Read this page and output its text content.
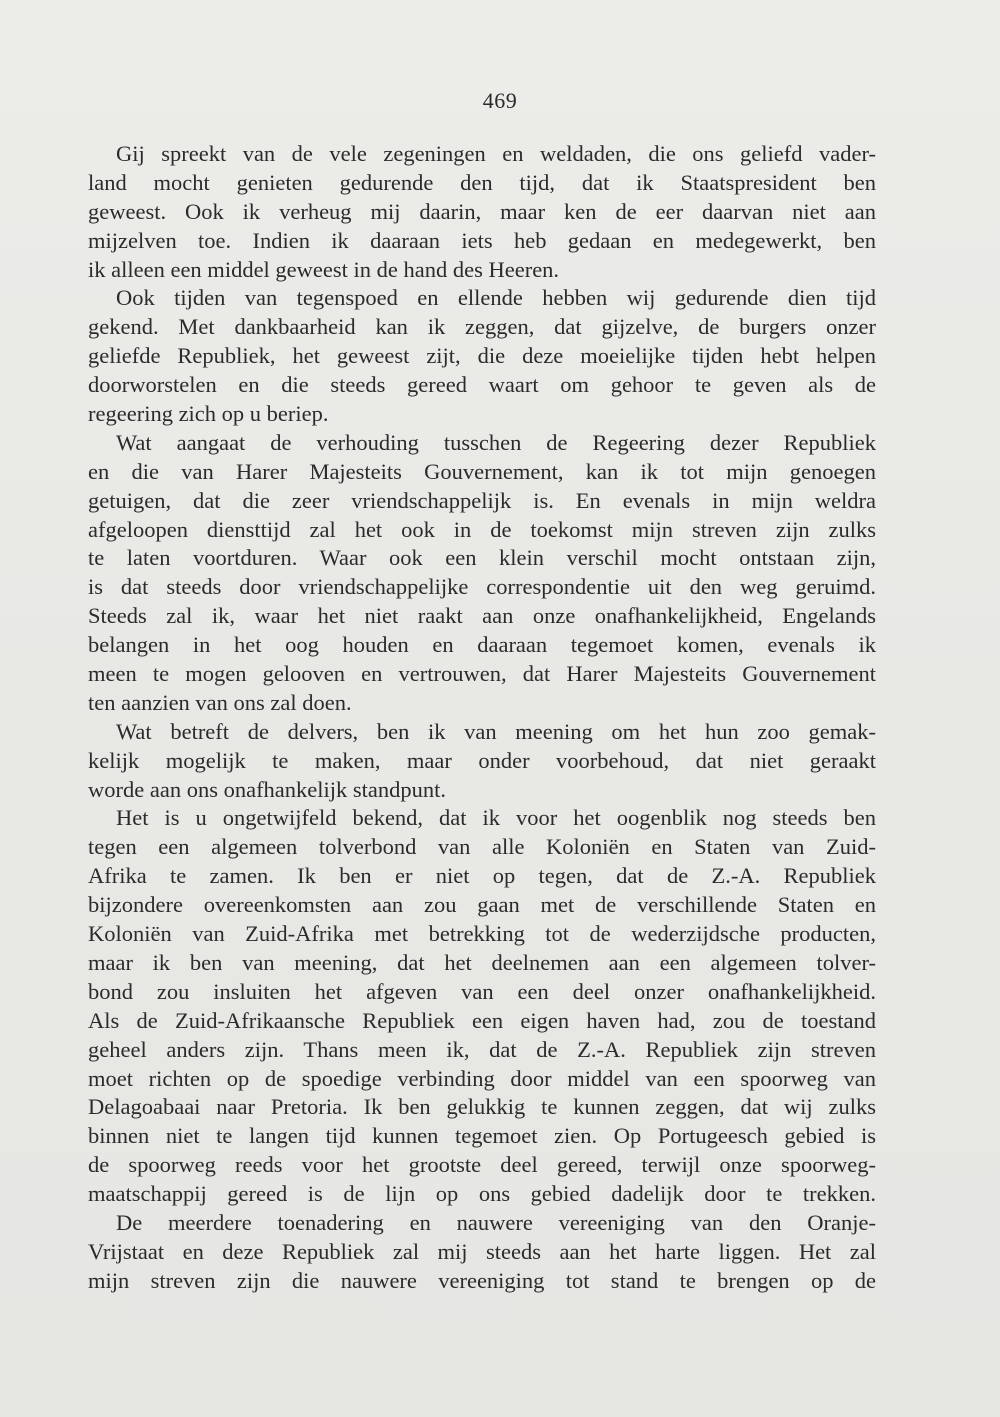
469
Gij spreekt van de vele zegeningen en weldaden, die ons geliefd vader-
land mocht genieten gedurende den tijd, dat ik Staatspresident ben
geweest. Ook ik verheug mij daarin, maar ken de eer daarvan niet aan
mijzelven toe. Indien ik daaraan iets heb gedaan en medegewerkt, ben
ik alleen een middel geweest in de hand des Heeren.
Ook tijden van tegenspoed en ellende hebben wij gedurende dien tijd
gekend. Met dankbaarheid kan ik zeggen, dat gijzelve, de burgers onzer
geliefde Republiek, het geweest zijt, die deze moeielijke tijden hebt helpen
doorworstelen en die steeds gereed waart om gehoor te geven als de
regeering zich op u beriep.
Wat aangaat de verhouding tusschen de Regeering dezer Republiek
en die van Harer Majesteits Gouvernement, kan ik tot mijn genoegen
getuigen, dat die zeer vriendschappelijk is. En evenals in mijn weldra
afgeloopen diensttijd zal het ook in de toekomst mijn streven zijn zulks
te laten voortduren. Waar ook een klein verschil mocht ontstaan zijn,
is dat steeds door vriendschappelijke correspondentie uit den weg geruimd.
Steeds zal ik, waar het niet raakt aan onze onafhankelijkheid, Engelands
belangen in het oog houden en daaraan tegemoet komen, evenals ik
meen te mogen gelooven en vertrouwen, dat Harer Majesteits Gouvernement
ten aanzien van ons zal doen.
Wat betreft de delvers, ben ik van meening om het hun zoo gemak-
kelijk mogelijk te maken, maar onder voorbehoud, dat niet geraakt
worde aan ons onafhankelijk standpunt.
Het is u ongetwijfeld bekend, dat ik voor het oogenblik nog steeds ben
tegen een algemeen tolverbond van alle Koloniën en Staten van Zuid-
Afrika te zamen. Ik ben er niet op tegen, dat de Z.-A. Republiek
bijzondere overeenkomsten aan zou gaan met de verschillende Staten en
Koloniën van Zuid-Afrika met betrekking tot de wederzijdsche producten,
maar ik ben van meening, dat het deelnemen aan een algemeen tolver-
bond zou insluiten het afgeven van een deel onzer onafhankelijkheid.
Als de Zuid-Afrikaansche Republiek een eigen haven had, zou de toestand
geheel anders zijn. Thans meen ik, dat de Z.-A. Republiek zijn streven
moet richten op de spoedige verbinding door middel van een spoorweg van
Delagoabaai naar Pretoria. Ik ben gelukkig te kunnen zeggen, dat wij zulks
binnen niet te langen tijd kunnen tegemoet zien. Op Portugeesch gebied is
de spoorweg reeds voor het grootste deel gereed, terwijl onze spoorweg-
maatschappij gereed is de lijn op ons gebied dadelijk door te trekken.
De meerdere toenadering en nauwere vereeniging van den Oranje-
Vrijstaat en deze Republiek zal mij steeds aan het harte liggen. Het zal
mijn streven zijn die nauwere vereeniging tot stand te brengen op de
